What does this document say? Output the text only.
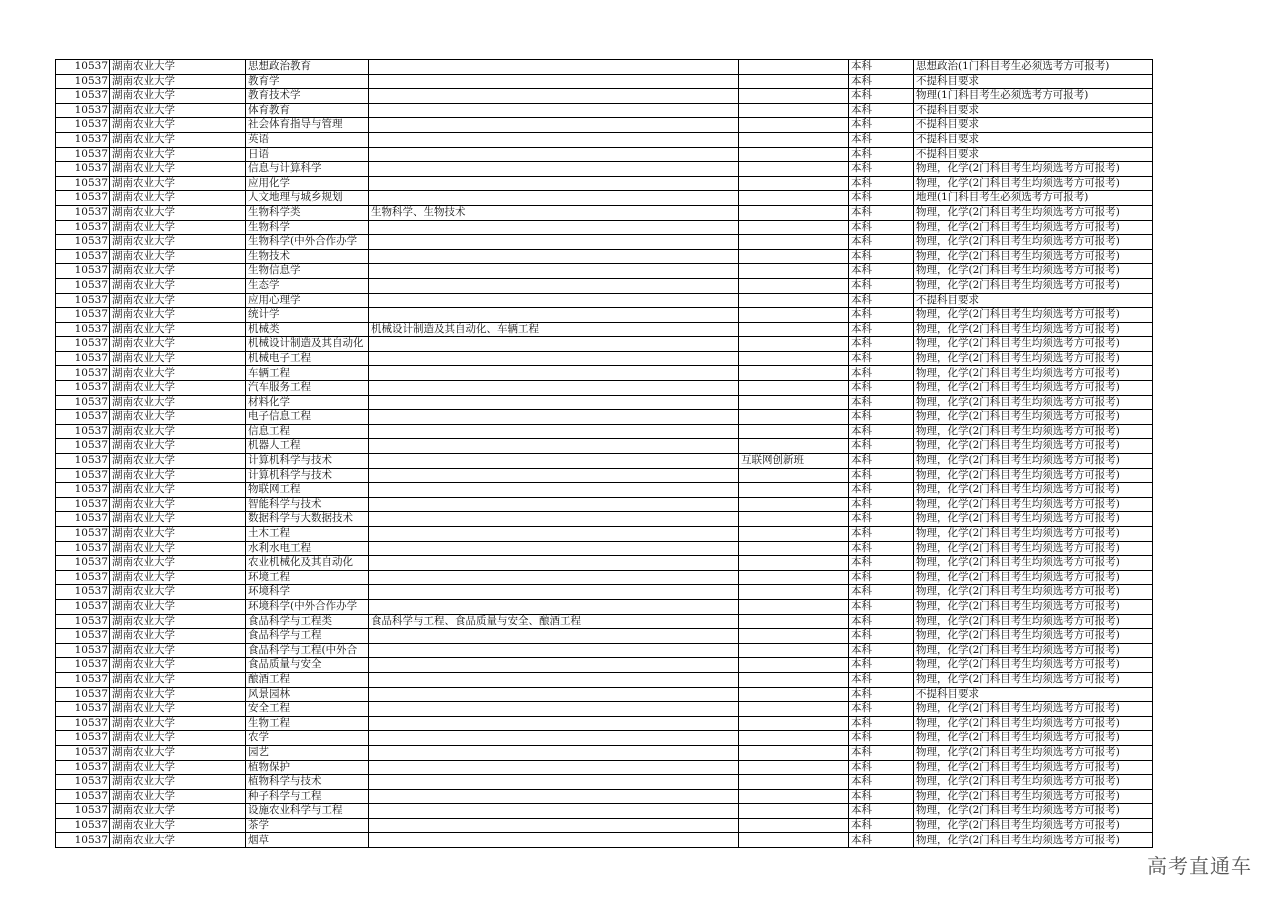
10537	湖南农业大学	思想政治教育			本科	思想政治(1门科目考生必须选考方可报考)
10537	湖南农业大学	教育学			本科	不提科目要求
10537	湖南农业大学	教育技术学			本科	物理(1门科目考生必须选考方可报考)
10537	湖南农业大学	体育教育			本科	不提科目要求
10537	湖南农业大学	社会体育指导与管理			本科	不提科目要求
10537	湖南农业大学	英语			本科	不提科目要求
10537	湖南农业大学	日语			本科	不提科目要求
10537	湖南农业大学	信息与计算科学			本科	物理，化学(2门科目考生均须选考方可报考)
10537	湖南农业大学	应用化学			本科	物理，化学(2门科目考生均须选考方可报考)
10537	湖南农业大学	人文地理与城乡规划			本科	地理(1门科目考生必须选考方可报考)
10537	湖南农业大学	生物科学类	生物科学、生物技术		本科	物理，化学(2门科目考生均须选考方可报考)
10537	湖南农业大学	生物科学			本科	物理，化学(2门科目考生均须选考方可报考)
10537	湖南农业大学	生物科学(中外合作办学			本科	物理，化学(2门科目考生均须选考方可报考)
10537	湖南农业大学	生物技术			本科	物理，化学(2门科目考生均须选考方可报考)
10537	湖南农业大学	生物信息学			本科	物理，化学(2门科目考生均须选考方可报考)
10537	湖南农业大学	生态学			本科	物理，化学(2门科目考生均须选考方可报考)
10537	湖南农业大学	应用心理学			本科	不提科目要求
10537	湖南农业大学	统计学			本科	物理，化学(2门科目考生均须选考方可报考)
10537	湖南农业大学	机械类	机械设计制造及其自动化、车辆工程		本科	物理，化学(2门科目考生均须选考方可报考)
10537	湖南农业大学	机械设计制造及其自动化			本科	物理，化学(2门科目考生均须选考方可报考)
10537	湖南农业大学	机械电子工程			本科	物理，化学(2门科目考生均须选考方可报考)
10537	湖南农业大学	车辆工程			本科	物理，化学(2门科目考生均须选考方可报考)
10537	湖南农业大学	汽车服务工程			本科	物理，化学(2门科目考生均须选考方可报考)
10537	湖南农业大学	材料化学			本科	物理，化学(2门科目考生均须选考方可报考)
10537	湖南农业大学	电子信息工程			本科	物理，化学(2门科目考生均须选考方可报考)
10537	湖南农业大学	信息工程			本科	物理，化学(2门科目考生均须选考方可报考)
10537	湖南农业大学	机器人工程			本科	物理，化学(2门科目考生均须选考方可报考)
10537	湖南农业大学	计算机科学与技术		互联网创新班	本科	物理，化学(2门科目考生均须选考方可报考)
10537	湖南农业大学	计算机科学与技术			本科	物理，化学(2门科目考生均须选考方可报考)
10537	湖南农业大学	物联网工程			本科	物理，化学(2门科目考生均须选考方可报考)
10537	湖南农业大学	智能科学与技术			本科	物理，化学(2门科目考生均须选考方可报考)
10537	湖南农业大学	数据科学与大数据技术			本科	物理，化学(2门科目考生均须选考方可报考)
10537	湖南农业大学	土木工程			本科	物理，化学(2门科目考生均须选考方可报考)
10537	湖南农业大学	水利水电工程			本科	物理，化学(2门科目考生均须选考方可报考)
10537	湖南农业大学	农业机械化及其自动化			本科	物理，化学(2门科目考生均须选考方可报考)
10537	湖南农业大学	环境工程			本科	物理，化学(2门科目考生均须选考方可报考)
10537	湖南农业大学	环境科学			本科	物理，化学(2门科目考生均须选考方可报考)
10537	湖南农业大学	环境科学(中外合作办学			本科	物理，化学(2门科目考生均须选考方可报考)
10537	湖南农业大学	食品科学与工程类	食品科学与工程、食品质量与安全、酿酒工程		本科	物理，化学(2门科目考生均须选考方可报考)
10537	湖南农业大学	食品科学与工程			本科	物理，化学(2门科目考生均须选考方可报考)
10537	湖南农业大学	食品科学与工程(中外合			本科	物理，化学(2门科目考生均须选考方可报考)
10537	湖南农业大学	食品质量与安全			本科	物理，化学(2门科目考生均须选考方可报考)
10537	湖南农业大学	酿酒工程			本科	物理，化学(2门科目考生均须选考方可报考)
10537	湖南农业大学	风景园林			本科	不提科目要求
10537	湖南农业大学	安全工程			本科	物理，化学(2门科目考生均须选考方可报考)
10537	湖南农业大学	生物工程			本科	物理，化学(2门科目考生均须选考方可报考)
10537	湖南农业大学	农学			本科	物理，化学(2门科目考生均须选考方可报考)
10537	湖南农业大学	园艺			本科	物理，化学(2门科目考生均须选考方可报考)
10537	湖南农业大学	植物保护			本科	物理，化学(2门科目考生均须选考方可报考)
10537	湖南农业大学	植物科学与技术			本科	物理，化学(2门科目考生均须选考方可报考)
10537	湖南农业大学	种子科学与工程			本科	物理，化学(2门科目考生均须选考方可报考)
10537	湖南农业大学	设施农业科学与工程			本科	物理，化学(2门科目考生均须选考方可报考)
10537	湖南农业大学	茶学			本科	物理，化学(2门科目考生均须选考方可报考)
10537	湖南农业大学	烟草			本科	物理，化学(2门科目考生均须选考方可报考)
高考直通车
